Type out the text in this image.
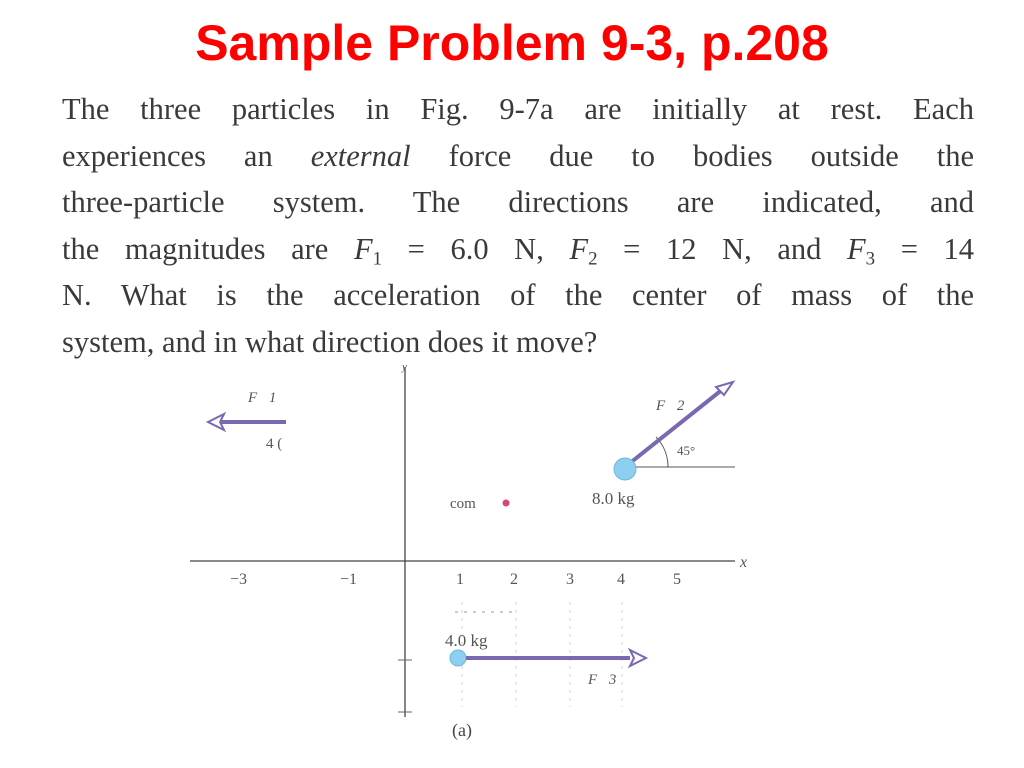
Sample Problem 9-3, p.208
The three particles in Fig. 9-7a are initially at rest. Each
experiences an external force due to bodies outside the
three-particle system. The directions are indicated, and
the magnitudes are $F_1 = 6.0$ N, $F_2 = 12$ N, and $F_3 = 14$
N. What is the acceleration of the center of mass of the
system, and in what direction does it move?
y
x
−3	−1	1	2	3	4	5
F⃗1
4 (
F⃗2
45°
8.0 kg
com
4.0 kg
F⃗3
(a)
